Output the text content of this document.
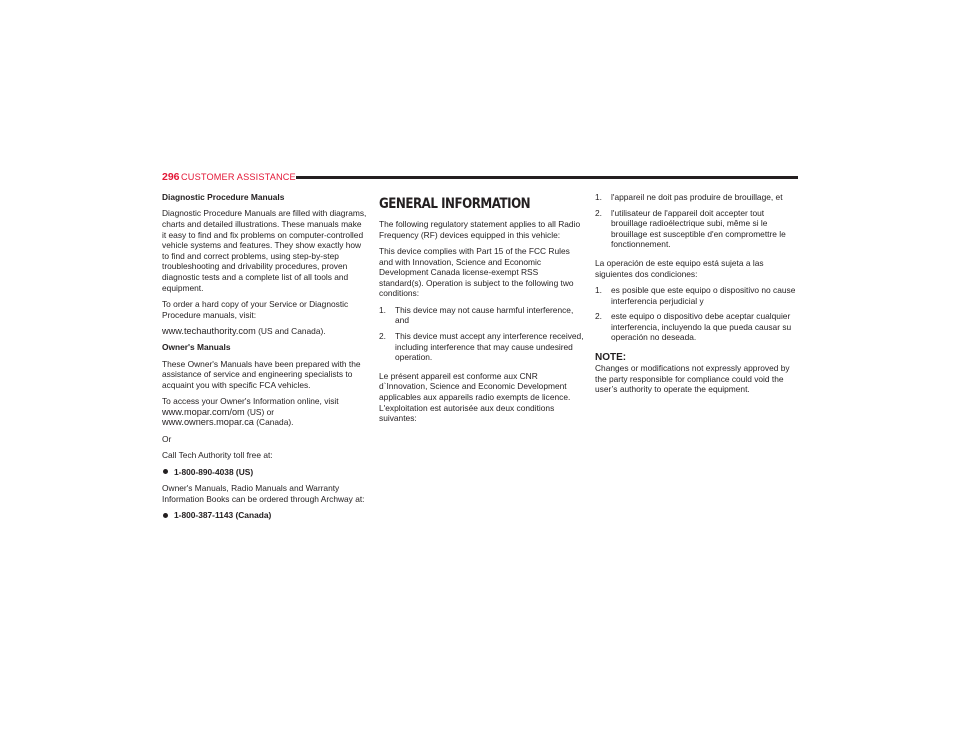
296 CUSTOMER ASSISTANCE

Diagnostic Procedure Manuals

Diagnostic Procedure Manuals are filled with diagrams, charts and detailed illustrations. These manuals make it easy to find and fix problems on computer-controlled vehicle systems and features. They show exactly how to find and correct problems, using step-by-step troubleshooting and drivability procedures, proven diagnostic tests and a complete list of all tools and equipment.

To order a hard copy of your Service or Diagnostic Procedure manuals, visit:

www.techauthority.com (US and Canada).

Owner's Manuals

These Owner's Manuals have been prepared with the assistance of service and engineering specialists to acquaint you with specific FCA vehicles.

To access your Owner's Information online, visit
www.mopar.com/om (US) or
www.owners.mopar.ca (Canada).

Or

Call Tech Authority toll free at:

1-800-890-4038 (US)

Owner's Manuals, Radio Manuals and Warranty Information Books can be ordered through Archway at:

1-800-387-1143 (Canada)

GENERAL INFORMATION

The following regulatory statement applies to all Radio Frequency (RF) devices equipped in this vehicle:

This device complies with Part 15 of the FCC Rules and with Innovation, Science and Economic Development Canada license-exempt RSS standard(s). Operation is subject to the following two conditions:

1. This device may not cause harmful interference, and
2. This device must accept any interference received, including interference that may cause undesired operation.

Le présent appareil est conforme aux CNR d`Innovation, Science and Economic Development applicables aux appareils radio exempts de licence. L'exploitation est autorisée aux deux conditions suivantes:

1. l'appareil ne doit pas produire de brouillage, et
2. l'utilisateur de l'appareil doit accepter tout brouillage radioélectrique subi, même si le brouillage est susceptible d'en compromettre le fonctionnement.

La operación de este equipo está sujeta a las siguientes dos condiciones:

1. es posible que este equipo o dispositivo no cause interferencia perjudicial y
2. este equipo o dispositivo debe aceptar cualquier interferencia, incluyendo la que pueda causar su operación no deseada.
NOTE:

Changes or modifications not expressly approved by the party responsible for compliance could void the user’s authority to operate the equipment.
